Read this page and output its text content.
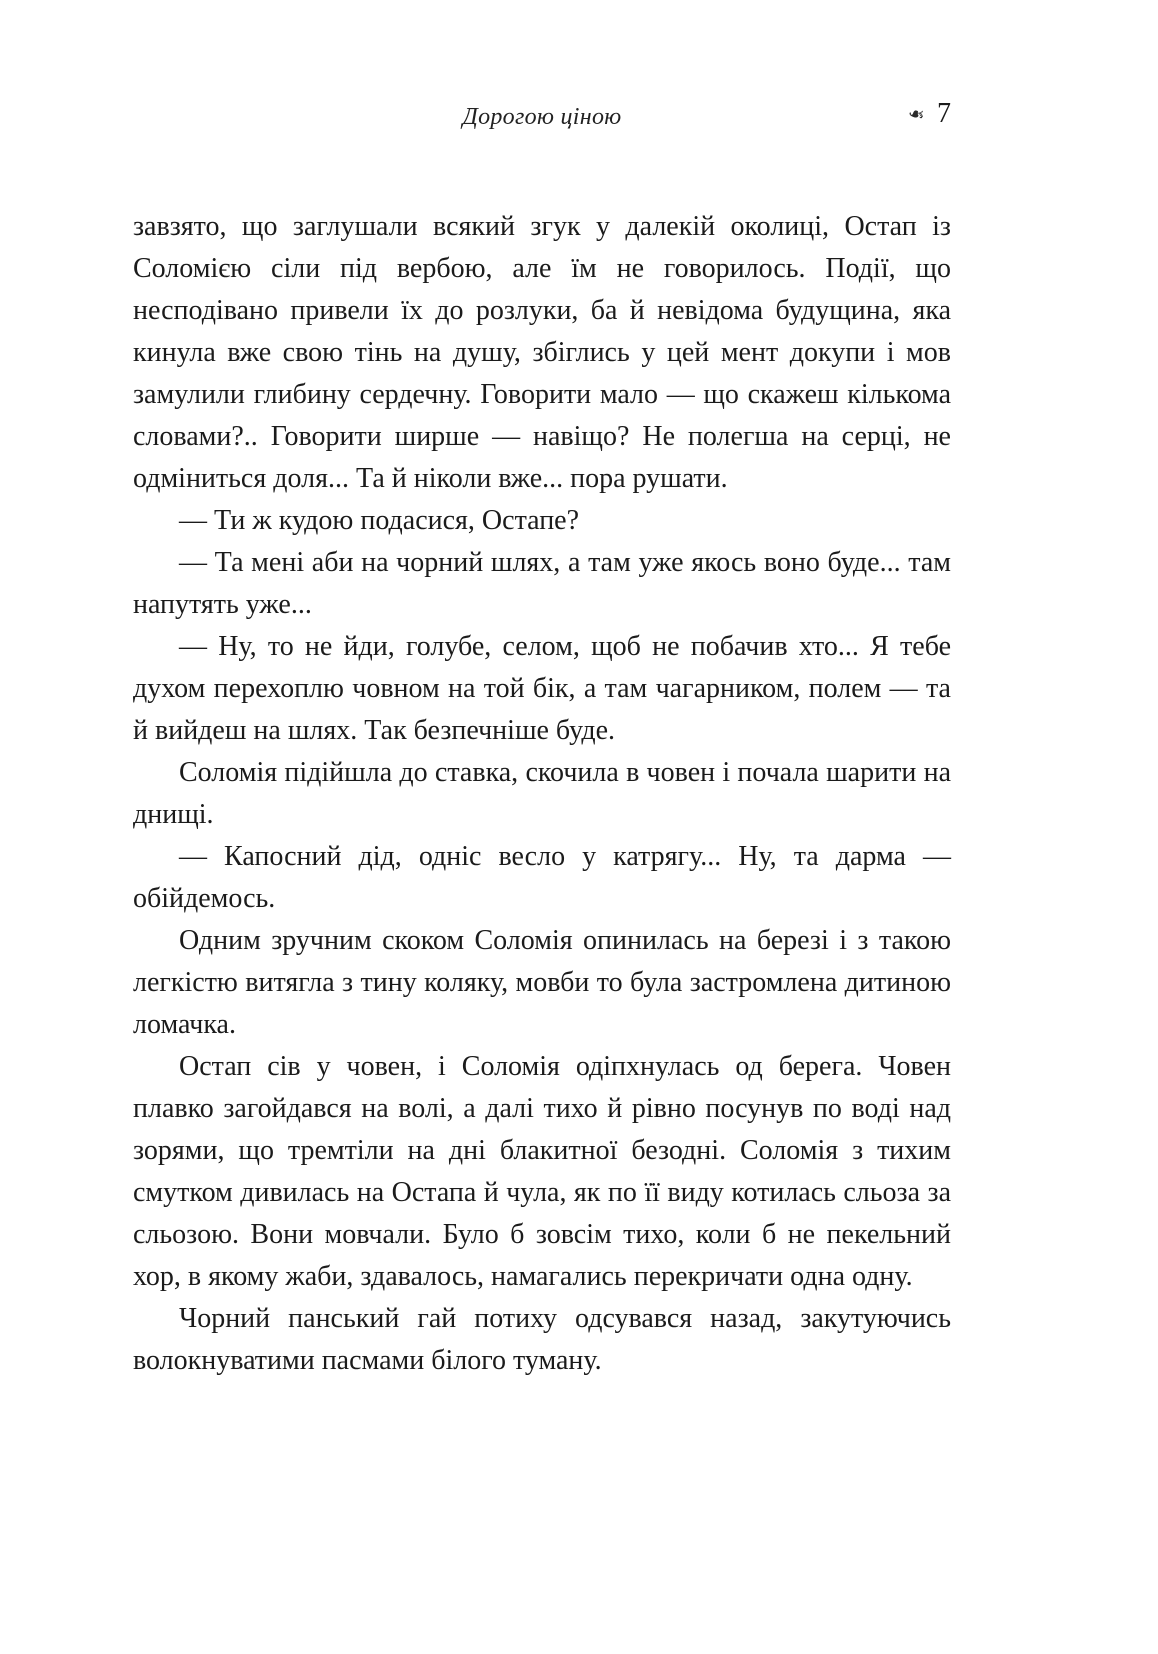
Дорогою ціною	❧ 7

завзято, що заглушали всякий згук у далекій околиці, Остап із Соломією сіли під вербою, але їм не говорилось. Події, що несподівано привели їх до розлуки, ба й невідома будущина, яка кинула вже свою тінь на душу, збіглись у цей мент докупи і мов замулили глибину сердечну. Говорити мало — що скажеш кількома словами?.. Говорити ширше — навіщо? Не полегша на серці, не одміниться доля... Та й ніколи вже... пора рушати.

— Ти ж кудою подасися, Остапе?

— Та мені аби на чорний шлях, а там уже якось воно буде... там напутять уже...

— Ну, то не йди, голубе, селом, щоб не побачив хто... Я тебе духом перехоплю човном на той бік, а там чагарником, полем — та й вийдеш на шлях. Так безпечніше буде.

Соломія підійшла до ставка, скочила в човен і почала шарити на днищі.

— Капосний дід, одніс весло у катрягу... Ну, та дарма — обійдемось.

Одним зручним скоком Соломія опинилась на березі і з такою легкістю витягла з тину коляку, мовби то була застромлена дитиною ломачка.

Остап сів у човен, і Соломія одіпхнулась од берега. Човен плавко загойдався на волі, а далі тихо й рівно посунув по воді над зорями, що тремтіли на дні блакитної безодні. Соломія з тихим смутком дивилась на Остапа й чула, як по її виду котилась сльоза за сльозою. Вони мовчали. Було б зовсім тихо, коли б не пекельний хор, в якому жаби, здавалось, намагались перекричати одна одну.

Чорний панський гай потиху одсувався назад, закутуючись волокнуватими пасмами білого туману.
